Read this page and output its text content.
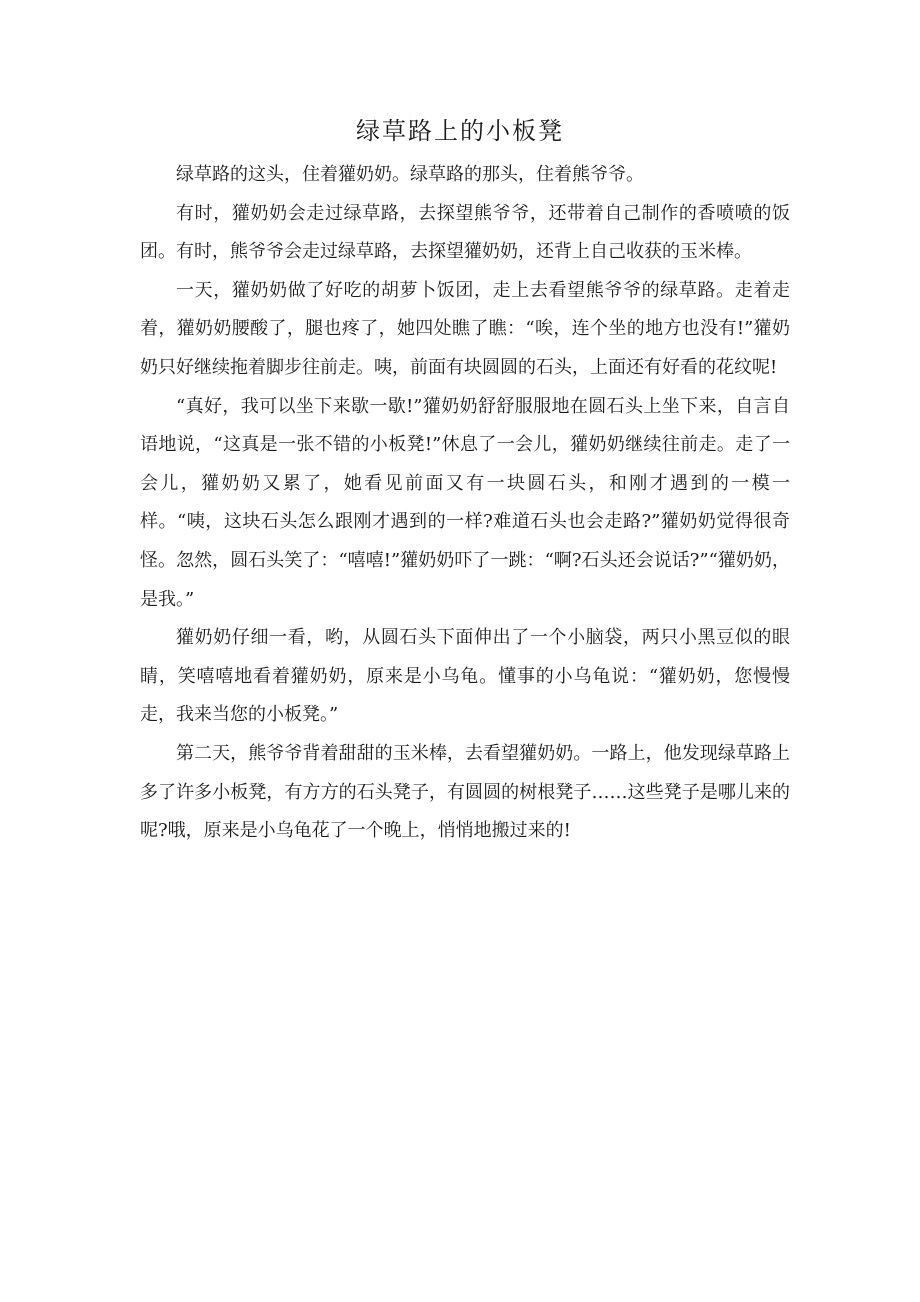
绿草路上的小板凳

绿草路的这头，住着獾奶奶。绿草路的那头，住着熊爷爷。

有时，獾奶奶会走过绿草路，去探望熊爷爷，还带着自己制作的香喷喷的饭团。有时，熊爷爷会走过绿草路，去探望獾奶奶，还背上自己收获的玉米棒。

一天，獾奶奶做了好吃的胡萝卜饭团，走上去看望熊爷爷的绿草路。走着走着，獾奶奶腰酸了，腿也疼了，她四处瞧了瞧：“唉，连个坐的地方也没有!”獾奶奶只好继续拖着脚步往前走。咦，前面有块圆圆的石头，上面还有好看的花纹呢!

“真好，我可以坐下来歇一歇!”獾奶奶舒舒服服地在圆石头上坐下来，自言自语地说，“这真是一张不错的小板凳!”休息了一会儿，獾奶奶继续往前走。走了一会儿，獾奶奶又累了，她看见前面又有一块圆石头，和刚才遇到的一模一样。“咦，这块石头怎么跟刚才遇到的一样?难道石头也会走路?”獾奶奶觉得很奇怪。忽然，圆石头笑了：“嘻嘻!”獾奶奶吓了一跳：“啊?石头还会说话?”“獾奶奶，是我。”

獾奶奶仔细一看，哟，从圆石头下面伸出了一个小脑袋，两只小黑豆似的眼睛，笑嘻嘻地看着獾奶奶，原来是小乌龟。懂事的小乌龟说：“獾奶奶，您慢慢走，我来当您的小板凳。”

第二天，熊爷爷背着甜甜的玉米棒，去看望獾奶奶。一路上，他发现绿草路上多了许多小板凳，有方方的石头凳子，有圆圆的树根凳子……这些凳子是哪儿来的呢?哦，原来是小乌龟花了一个晚上，悄悄地搬过来的!
